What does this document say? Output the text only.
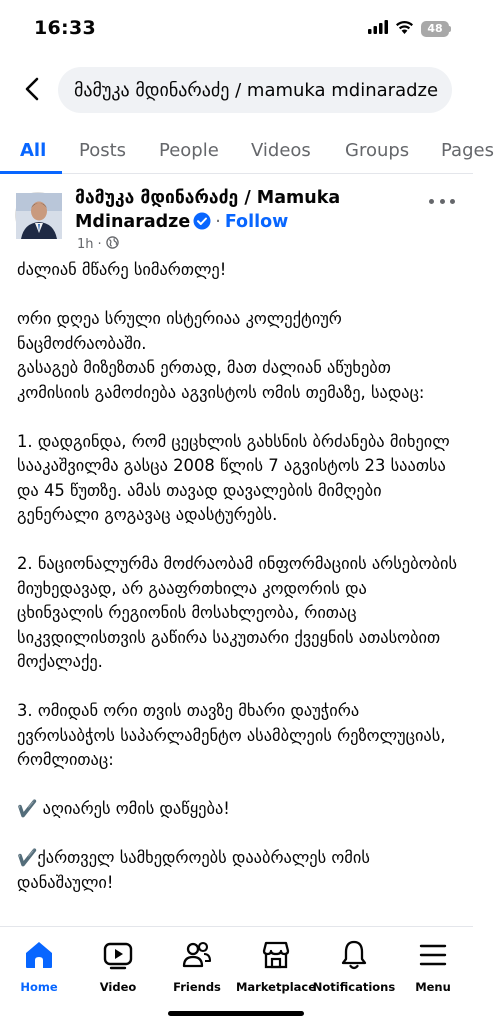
16:33	48
მამუკა მდინარაძე / mamuka mdinaradze
All Posts People Videos Groups Pages
მამუკა მდინარაძე / Mamuka
Mdinaradze · Follow
1h ·

ძალიან მწარე სიმართლე!

ორი დღეა სრული ისტერიაა კოლექტიურ ნაცმოძრაობაში.
გასაგებ მიზეზთან ერთად, მათ ძალიან აწუხებთ კომისიის გამოძიება აგვისტოს ომის თემაზე, სადაც:

1. დადგინდა, რომ ცეცხლის გახსნის ბრძანება მიხეილ სააკაშვილმა გასცა 2008 წლის 7 აგვისტოს 23 საათსა და 45 წუთზე. ამას თავად დავალების მიმღები  გენერალი გოგავაც ადასტურებს.

2. ნაციონალურმა მოძრაობამ ინფორმაციის არსებობის მიუხედავად, არ გააფრთხილა კოდორის და ცხინვალის რეგიონის მოსახლეობა, რითაც სიკვდილისთვის გაწირა საკუთარი ქვეყნის ათასობით მოქალაქე.

3. ომიდან ორი თვის თავზე მხარი დაუჭირა ევროსაბჭოს საპარლამენტო ასამბლეის რეზოლუციას, რომლითაც:

✔️ აღიარეს ომის დაწყება!

✔️ქართველ სამხედროებს დააბრალეს ომის დანაშაული!

Home	Video	Friends Marketplace
Notifications Menu
